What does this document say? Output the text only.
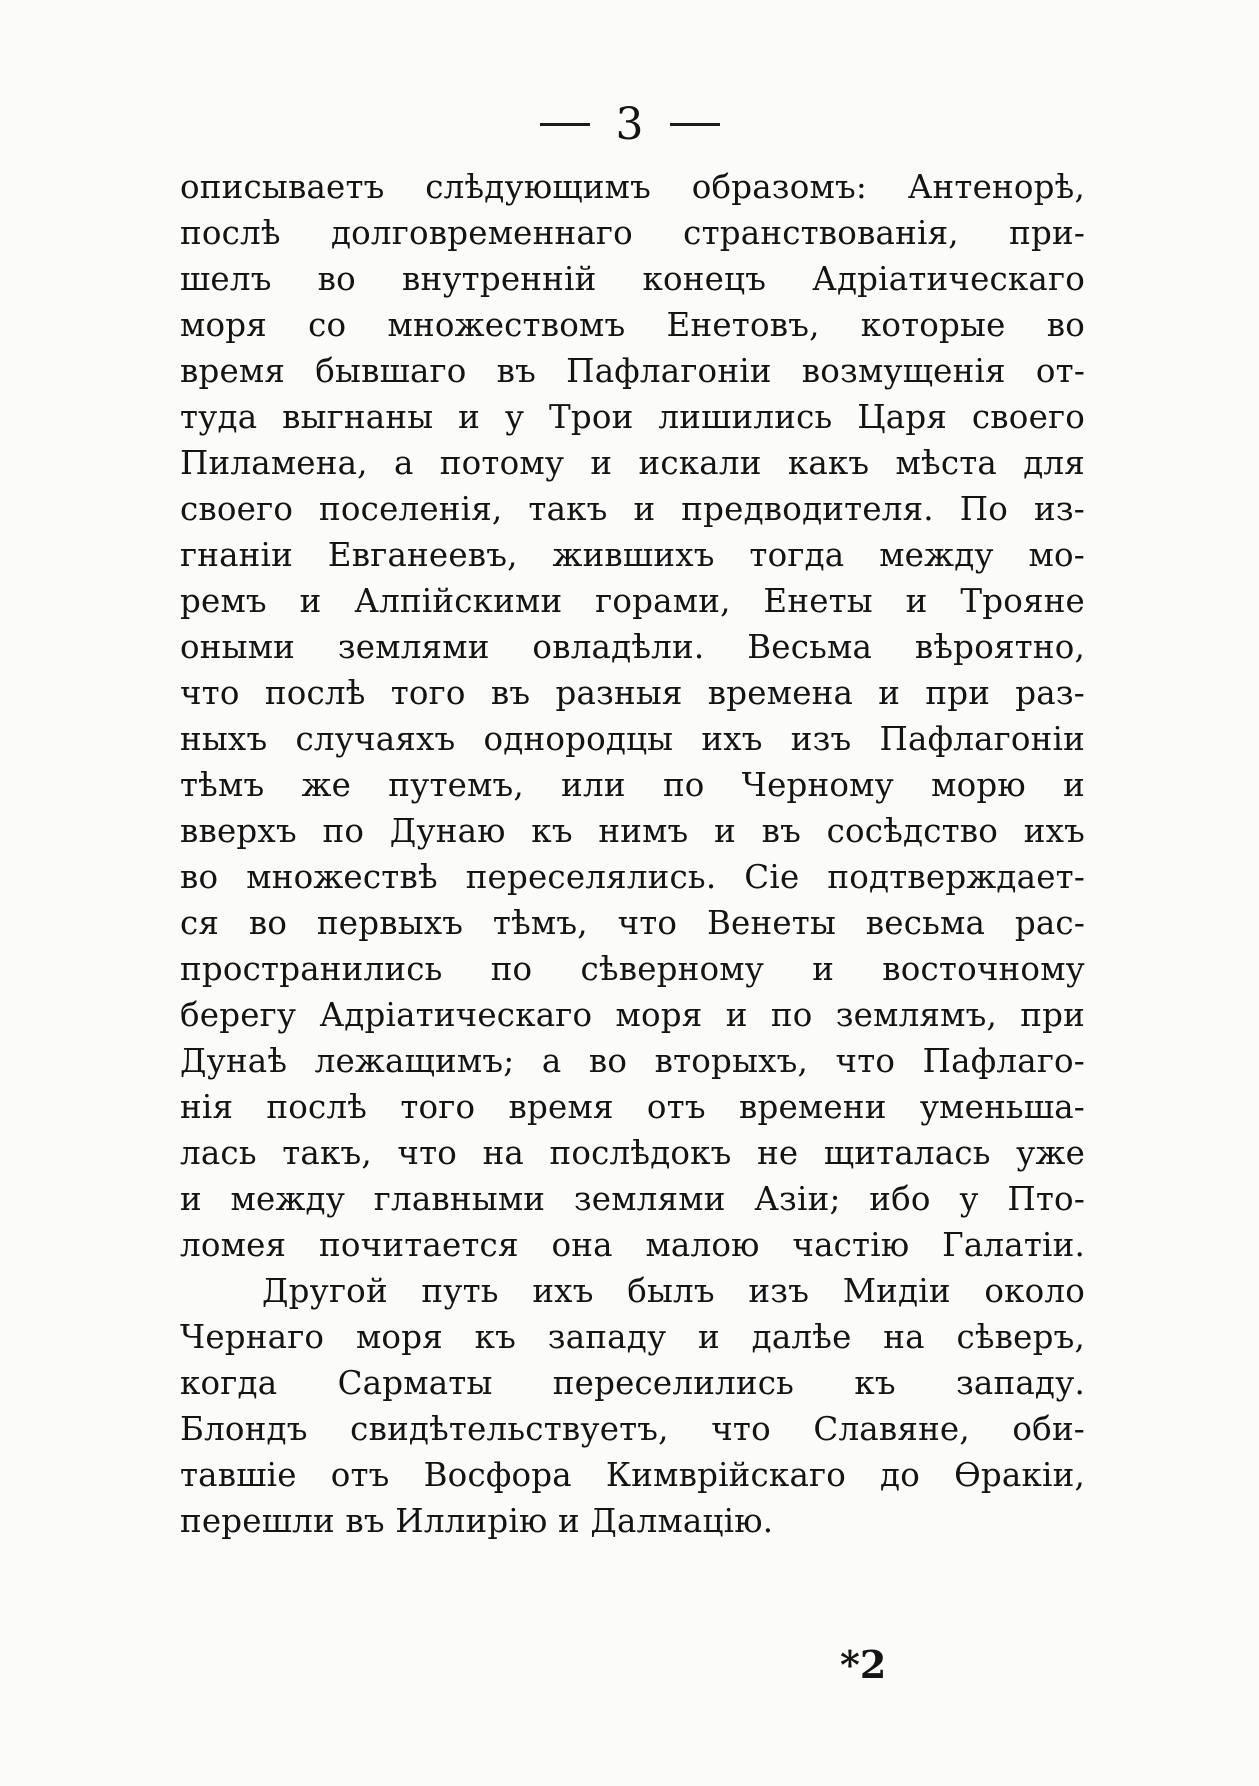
3
описываетъ слѣдующимъ образомъ: Антенорѣ,
послѣ долговременнаго странствованія, при-
шелъ во внутренній конецъ Адріатическаго
моря со множествомъ Енетовъ, которые во
время бывшаго въ Пафлагоніи возмущенія от-
туда выгнаны и у Трои лишились Царя своего
Пиламена, а потому и искали какъ мѣста для
своего поселенія, такъ и предводителя. По из-
гнаніи Евганеевъ, жившихъ тогда между мо-
ремъ и Алпійскими горами, Енеты и Трояне
оными землями овладѣли. Весьма вѣроятно,
что послѣ того въ разныя времена и при раз-
ныхъ случаяхъ однородцы ихъ изъ Пафлагоніи
тѣмъ же путемъ, или по Черному морю и
вверхъ по Дунаю къ нимъ и въ сосѣдство ихъ
во множествѣ переселялись. Сіе подтверждает-
ся во первыхъ тѣмъ, что Венеты весьма рас-
пространились по сѣверному и восточному
берегу Адріатическаго моря и по землямъ, при
Дунаѣ лежащимъ; а во вторыхъ, что Пафлаго-
нія послѣ того время отъ времени уменьша-
лась такъ, что на послѣдокъ не щиталась уже
и между главными землями Азіи; ибо у Пто-
ломея почитается она малою частію Галатіи.
Другой путь ихъ былъ изъ Мидіи около
Чернаго моря къ западу и далѣе на сѣверъ,
когда Сарматы переселились къ западу.
Блондъ свидѣтельствуетъ, что Славяне, оби-
тавшіе отъ Восфора Кимврійскаго до Ѳракіи,
перешли въ Иллирію и Далмацію.
*2
